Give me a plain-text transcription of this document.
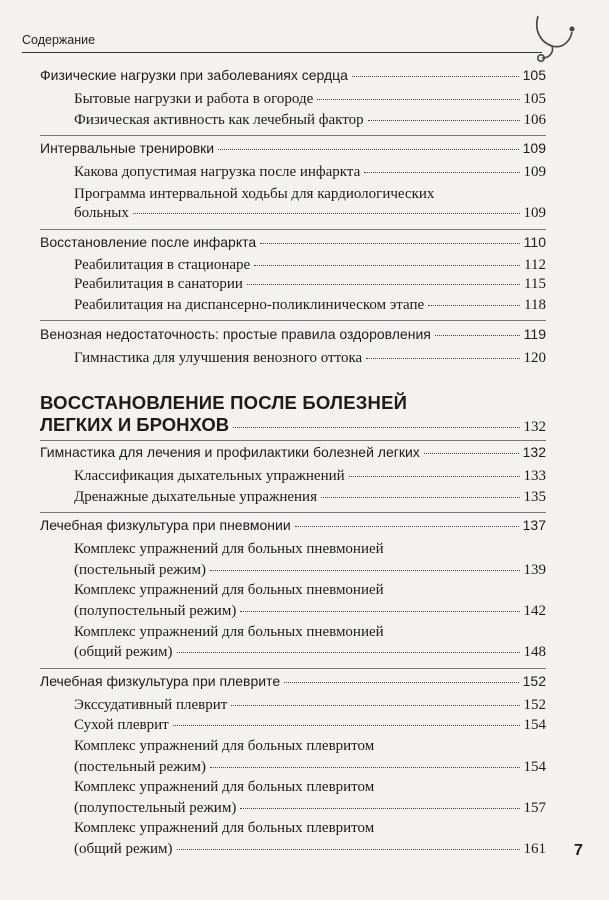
Содержание
Физические нагрузки при заболеваниях сердца	105
Бытовые нагрузки и работа в огороде	105
Физическая активность как лечебный фактор	106
Интервальные тренировки	109
Какова допустимая нагрузка после инфаркта	109
Программа интервальной ходьбы для кардиологических
больных	109
Восстановление после инфаркта	110
Реабилитация в стационаре	112
Реабилитация в санатории	115
Реабилитация на диспансерно-поликлиническом этапе	118
Венозная недостаточность: простые правила оздоровления	119
Гимнастика для улучшения венозного оттока	120
ВОССТАНОВЛЕНИЕ ПОСЛЕ БОЛЕЗНЕЙ
ЛЕГКИХ И БРОНХОВ	132
Гимнастика для лечения и профилактики болезней легких	132
Классификация дыхательных упражнений	133
Дренажные дыхательные упражнения	135
Лечебная физкультура при пневмонии	137
Комплекс упражнений для больных пневмонией
(постельный режим)	139
Комплекс упражнений для больных пневмонией
(полупостельный режим)	142
Комплекс упражнений для больных пневмонией
(общий режим)	148
Лечебная физкультура при плеврите	152
Экссудативный плеврит	152
Сухой плеврит	154
Комплекс упражнений для больных плевритом
(постельный режим)	154
Комплекс упражнений для больных плевритом
(полупостельный режим)	157
Комплекс упражнений для больных плевритом
(общий режим)	161 7
